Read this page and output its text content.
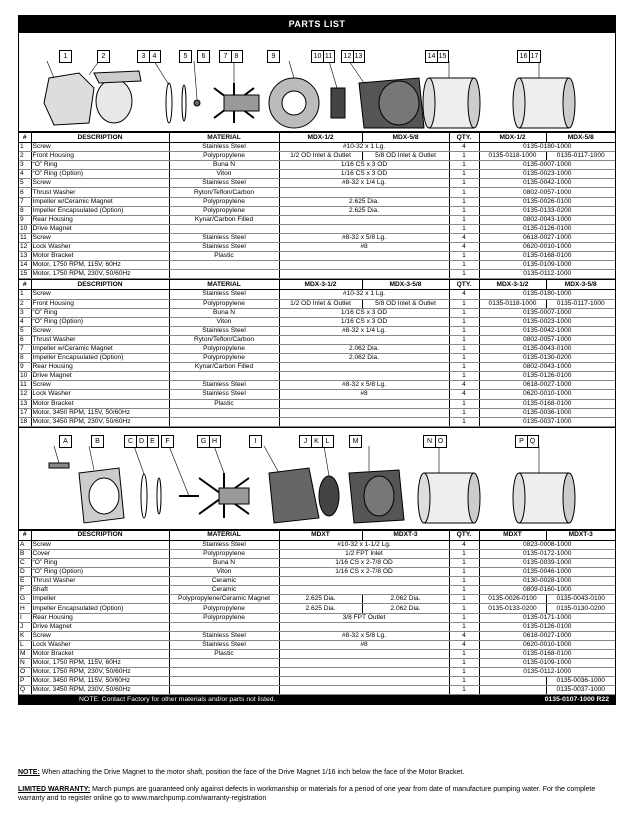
PARTS LIST
1	2	3 4	5	6	7 8	9	10 11	12 13	14 15	16 17
#	DESCRIPTION	MATERIAL	MDX-1/2	MDX-5/8	QTY.	MDX-1/2	MDX-5/8
1	Screw	Stainless Steel	#10-32 x 1 Lg.		4	0135-0180-1000	
2	Front Housing	Polypropylene	1/2 OD Inlet & Outlet	5/8 OD Inlet & Outlet	1	0135-0118-1000	0135-0117-1000
3	“O” Ring	Buna N	1/16 CS x 3 OD		1	0135-0007-1000	
4	“O” Ring (Option)	Viton	1/16 CS x 3 OD		1	0135-0023-1000	
5	Screw	Stainless Steel	#8-32 x 1/4 Lg.		1	0135-0042-1000	
6	Thrust Washer	Ryton/Teflon/Carbon			1	0802-0057-1000	
7	Impeller w/Ceramic Magnet	Polypropylene	2.625 Dia.		1	0135-0026-0100	
8	Impeller Encapsulated (Option)	Polypropylene	2.625 Dia.		1	0135-0133-0200	
9	Rear Housing	Kynar/Carbon Filled			1	0802-0043-1000	
10	Drive Magnet				1	0135-0126-0100	
11	Screw	Stainless Steel	#8-32 x 5/8 Lg.		4	0618-0027-1000	
12	Lock Washer	Stainless Steel	#8		4	0620-0010-1000	
13	Motor Bracket	Plastic			1	0135-0168-0100	
14	Motor, 1750 RPM, 115V, 60Hz				1	0135-0109-1000	
15	Motor, 1750 RPM, 230V, 50/60Hz				1	0135-0112-1000	
#	DESCRIPTION	MATERIAL	MDX-3-1/2	MDX-3-5/8	QTY.	MDX-3-1/2	MDX-3-5/8
1	Screw	Stainless Steel	#10-32 x 1 Lg.		4	0135-0180-1000	
2	Front Housing	Polypropylene	1/2 OD Inlet & Outlet	5/8 OD Inlet & Outlet	1	0135-0118-1000	0135-0117-1000
3	“O” Ring	Buna N	1/16 CS x 3 OD		1	0135-0007-1000	
4	“O” Ring (Option)	Viton	1/16 CS x 3 OD		1	0135-0023-1000	
5	Screw	Stainless Steel	#8-32 x 1/4 Lg.		1	0135-0042-1000	
6	Thrust Washer	Ryton/Teflon/Carbon			1	0802-0057-1000	
7	Impeller w/Ceramic Magnet	Polypropylene	2.062 Dia.		1	0135-0043-0100	
8	Impeller Encapsulated (Option)	Polypropylene	2.062 Dia.		1	0135-0130-0200	
9	Rear Housing	Kynar/Carbon Filled			1	0802-0043-1000	
10	Drive Magnet				1	0135-0126-0100	
11	Screw	Stainless Steel	#8-32 x 5/8 Lg.		4	0618-0027-1000	
12	Lock Washer	Stainless Steel	#8		4	0620-0010-1000	
13	Motor Bracket	Plastic			1	0135-0168-0100	
17	Motor, 3450 RPM, 115V, 50/60Hz				1	0135-0036-1000	
18	Motor, 3450 RPM, 230V, 50/60Hz				1	0135-0037-1000	
A	B	C D E	F	G H	I	J K L	M	N O	P Q
#	DESCRIPTION	MATERIAL	MDXT	MDXT-3	QTY.	MDXT	MDXT-3
A	Screw	Stainless Steel	#10-32 x 1-1/2 Lg.		4	0823-0008-1000	
B	Cover	Polypropylene	1/2 FPT Inlet		1	0135-0172-1000	
C	“O” Ring	Buna N	1/16 CS x 2-7/8 OD		1	0135-0039-1000	
D	“O” Ring (Option)	Viton	1/16 CS x 2-7/8 OD		1	0135-0046-1000	
E	Thrust Washer	Ceramic			1	0130-0028-1000	
F	Shaft	Ceramic			1	0809-0160-1000	
G	Impeller	Polypropylene/Ceramic Magnet	2.625 Dia.	2.062 Dia.	1	0135-0026-0100	0135-0043-0100
H	Impeller Encapsulated (Option)	Polypropylene	2.625 Dia.	2.062 Dia.	1	0135-0133-0200	0135-0130-0200
I	Rear Housing	Polypropylene	3/8 FPT Outlet		1	0135-0171-1000	
J	Drive Magnet				1	0135-0126-0100	
K	Screw	Stainless Steel	#8-32 x 5/8 Lg.		4	0618-0027-1000	
L	Lock Washer	Stainless Steel	#8		4	0620-0010-1000	
M	Motor Bracket	Plastic			1	0135-0168-0100	
N	Motor, 1750 RPM, 115V, 60Hz				1	0135-0109-1000	
O	Motor, 1750 RPM, 230V, 50/60Hz				1	0135-0112-1000	
P	Motor, 3450 RPM, 115V, 50/60Hz				1		0135-0036-1000
Q	Motor, 3450 RPM, 230V, 50/60Hz				1		0135-0037-1000
NOTE: Contact Factory for other materials and/or parts not listed.	0135-0107-1000 R22
NOTE: When attaching the Drive Magnet to the motor shaft, position the face of the Drive Magnet 1/16 inch below the face of the Motor Bracket.
LIMITED WARRANTY: March pumps are guaranteed only against defects in workmanship or materials for a period of one year from date of manufacture pumping water. For the complete warranty and to register online go to www.marchpump.com/warranty-registration
